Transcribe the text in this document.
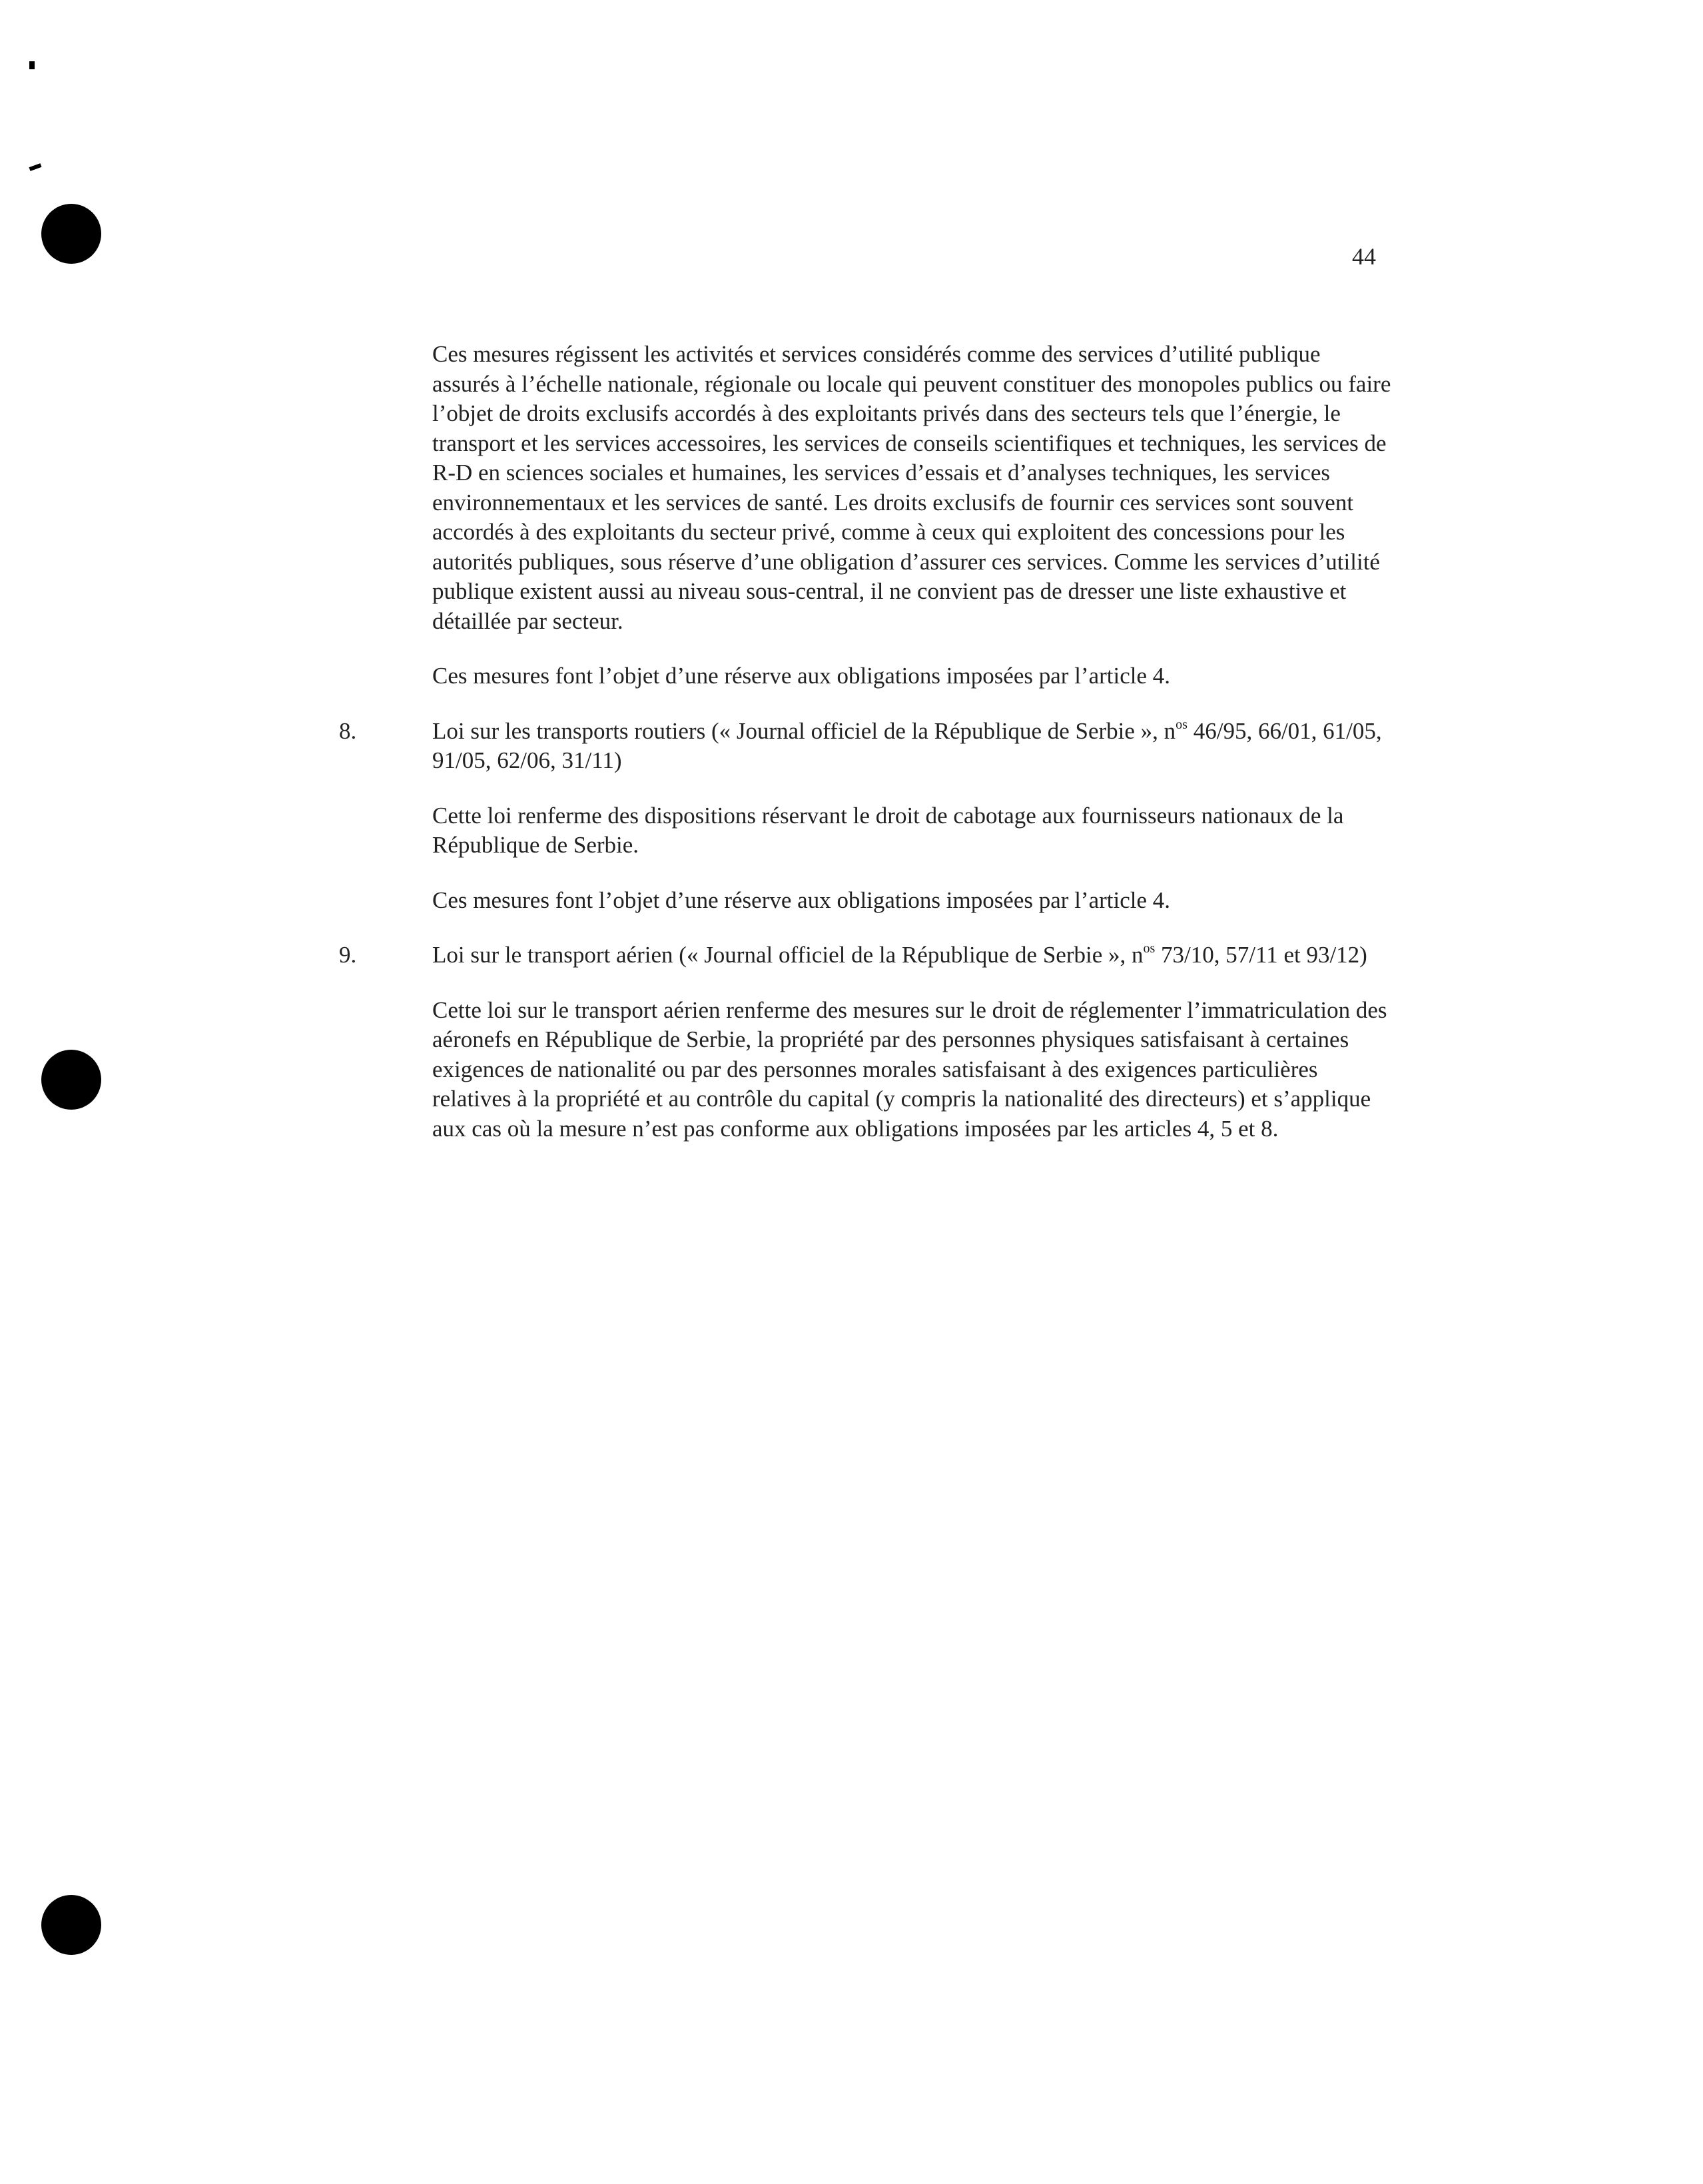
44

Ces mesures régissent les activités et services considérés comme des services d’utilité publique assurés à l’échelle nationale, régionale ou locale qui peuvent constituer des monopoles publics ou faire l’objet de droits exclusifs accordés à des exploitants privés dans des secteurs tels que l’énergie, le transport et les services accessoires, les services de conseils scientifiques et techniques, les services de R-D en sciences sociales et humaines, les services d’essais et d’analyses techniques, les services environnementaux et les services de santé. Les droits exclusifs de fournir ces services sont souvent accordés à des exploitants du secteur privé, comme à ceux qui exploitent des concessions pour les autorités publiques, sous réserve d’une obligation d’assurer ces services. Comme les services d’utilité publique existent aussi au niveau sous-central, il ne convient pas de dresser une liste exhaustive et détaillée par secteur.

Ces mesures font l’objet d’une réserve aux obligations imposées par l’article 4.

8.	Loi sur les transports routiers (« Journal officiel de la République de Serbie », $n^{os}$ 46/95, 66/01, 61/05, 91/05, 62/06, 31/11)

Cette loi renferme des dispositions réservant le droit de cabotage aux fournisseurs nationaux de la République de Serbie.

Ces mesures font l’objet d’une réserve aux obligations imposées par l’article 4.

9.	Loi sur le transport aérien (« Journal officiel de la République de Serbie », $n^{os}$ 73/10, 57/11 et 93/12)

Cette loi sur le transport aérien renferme des mesures sur le droit de réglementer l’immatriculation des aéronefs en République de Serbie, la propriété par des personnes physiques satisfaisant à certaines exigences de nationalité ou par des personnes morales satisfaisant à des exigences particulières relatives à la propriété et au contrôle du capital (y compris la nationalité des directeurs) et s’applique aux cas où la mesure n’est pas conforme aux obligations imposées par les articles 4, 5 et 8.
